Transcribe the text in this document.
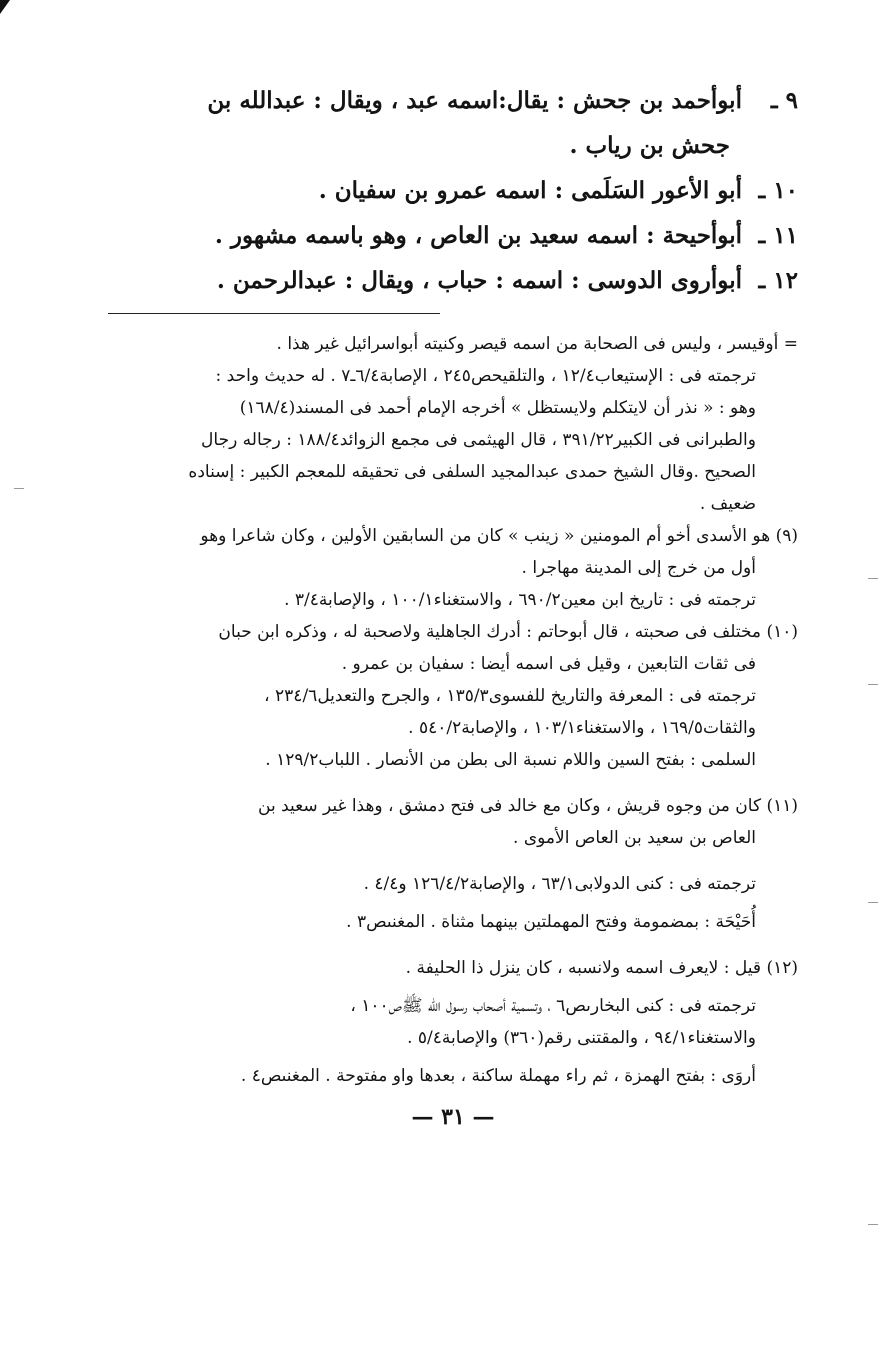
٩ ـ أبوأحمد بن جحش : يقال:اسمه عبد ، ويقال : عبدالله بن
جحش بن رياب .
١٠ ـ أبو الأعور السَلَمى : اسمه عمرو بن سفيان .
١١ ـ أبوأحيحة : اسمه سعيد بن العاص ، وهو باسمه مشهور .
١٢ ـ أبوأروى الدوسى : اسمه : حباب ، ويقال : عبدالرحمن .
= أوقيسر ، وليس فى الصحابة من اسمه قيصر وكنيته أبواسرائيل غير هذا .
ترجمته فى : الإستيعاب١٢/٤ ، والتلقيحص٢٤٥ ، الإصابة٦/٤ـ٧ . له حديث واحد :
وهو : « نذر أن لايتكلم ولايستظل » أخرجه الإمام أحمد فى المسند(١٦٨/٤)
والطبرانى فى الكبير٣٩١/٢٢ ، قال الهيثمى فى مجمع الزوائد١٨٨/٤ : رجاله رجال
الصحيح .وقال الشيخ حمدى عبدالمجيد السلفى فى تحقيقه للمعجم الكبير : إسناده
ضعيف .
(٩) هو الأسدى أخو أم المومنين « زينب » كان من السابقين الأولين ، وكان شاعرا وهو
أول من خرج إلى المدينة مهاجرا .
ترجمته فى : تاريخ ابن معين٦٩٠/٢ ، والاستغناء١٠٠/١ ، والإصابة٣/٤ .
(١٠) مختلف فى صحبته ، قال أبوحاتم : أدرك الجاهلية ولاصحبة له ، وذكره ابن حبان
فى ثقات التابعين ، وقيل فى اسمه أيضا : سفيان بن عمرو .
ترجمته فى : المعرفة والتاريخ للفسوى١٣٥/٣ ، والجرح والتعديل٢٣٤/٦ ،
والثقات١٦٩/٥ ، والاستغناء١٠٣/١ ، والإصابة٥٤٠/٢ .
السلمى : بفتح السين واللام نسبة الى بطن من الأنصار . اللباب١٢٩/٢ .
(١١) كان من وجوه قريش ، وكان مع خالد فى فتح دمشق ، وهذا غير سعيد بن
العاص بن سعيد بن العاص الأموى .
ترجمته فى : كنى الدولابى٦٣/١ ، والإصابة١٢٦/٤/٢ و٤/٤ .
أُحَيْحَة : بمضمومة وفتح المهملتين بينهما مثناة . المغنىص٣ .
(١٢) قيل : لايعرف اسمه ولانسبه ، كان ينزل ذا الحليفة .
ترجمته فى : كنى البخارىص٦ ، وتسمية أصحاب رسول الله ﷺص١٠٠ ،
والاستغناء٩٤/١ ، والمقتنى رقم(٣٦٠) والإصابة٥/٤ .
أروَى : بفتح الهمزة ، ثم راء مهملة ساكنة ، بعدها واو مفتوحة . المغنىص٤ .
— ٣١ —
